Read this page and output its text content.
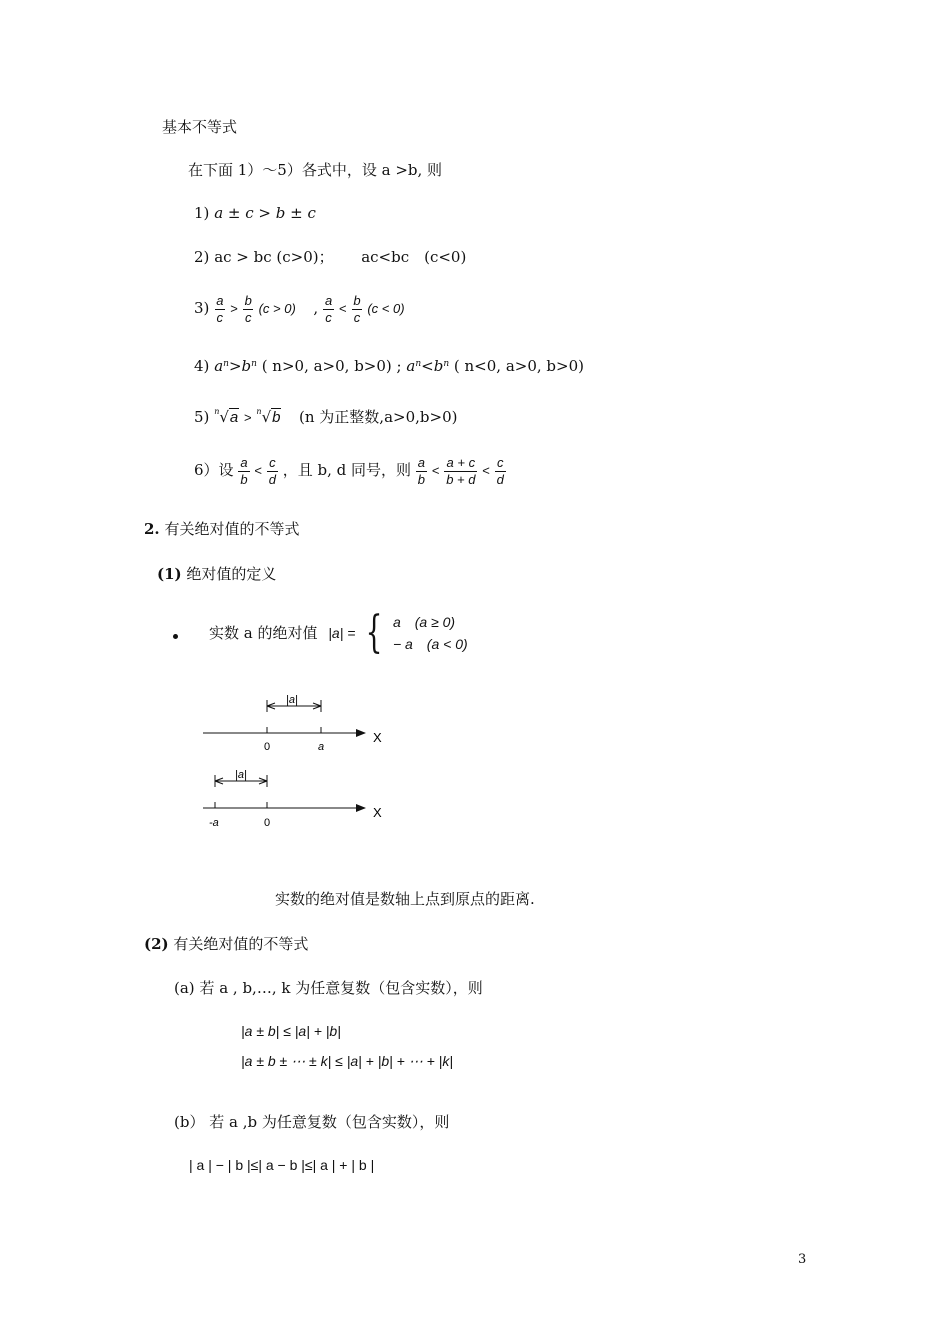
基本不等式
在下面 1）～5）各式中，设 a >b, 则
1) a ± c > b ± c
2) ac > bc (c>0)； ac<bc　(c<0)
$3) \frac{a}{c} > \frac{b}{c} (c > 0)$ , $\frac{a}{c} < \frac{b}{c} (c < 0)$
4) $a^n>b^n$ ( n>0, a>0, b>0) ; $a^n<b^n$ ( n<0, a>0, b>0)
5) $^n$√a > $^n$√b (n 为正整数,a>0,b>0)
6）设 $\frac{a}{b} < \frac{c}{d}$ ，且 b, d 同号，则 $\frac{a}{b} < \frac{a + c}{b + d} < \frac{c}{d}$
2. 有关绝对值的不等式
(1) 绝对值的定义
实数 a 的绝对值 |a| = { a　(a ≥ 0)
− a　(a < 0)
|a|
0	a
X
|a|
-a	0
X
实数的绝对值是数轴上点到原点的距离.
(2) 有关绝对值的不等式
(a) 若 a , b,…, k 为任意复数（包含实数），则
|a ± b| ≤ |a| + |b|
|a ± b ± ⋯ ± k| ≤ |a| + |b| + ⋯ + |k|
(b） 若 a ,b 为任意复数（包含实数），则
| a | − | b |≤| a − b |≤| a | + | b |
3
